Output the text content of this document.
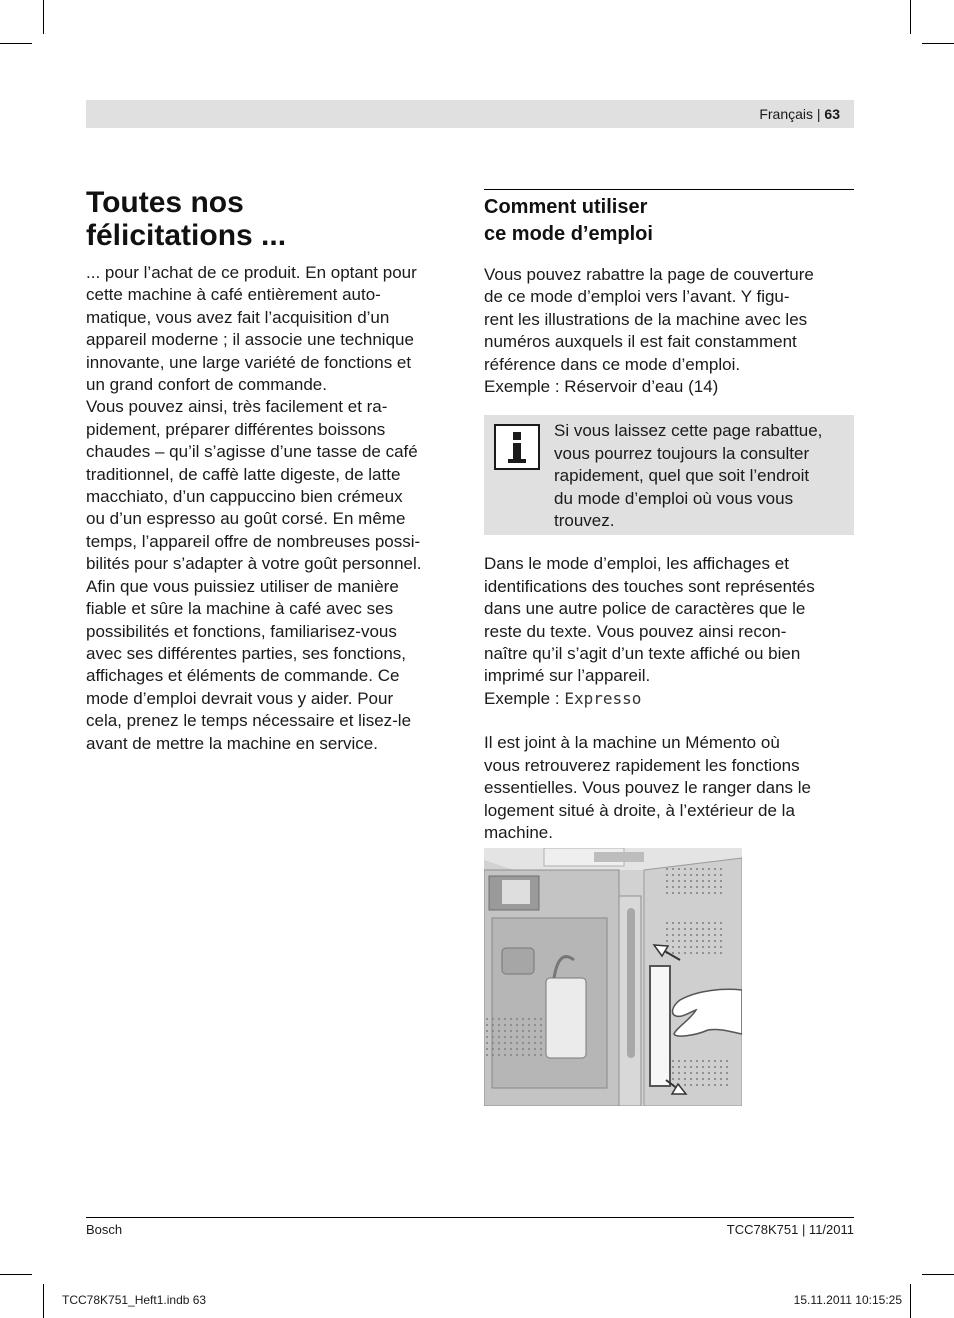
Français | 63
Toutes nos
félicitations ...

... pour l’achat de ce produit. En optant pour
cette machine à café entièrement auto-
matique, vous avez fait l’acquisition d’un
appareil moderne ; il associe une technique
innovante, une large variété de fonctions et
un grand confort de commande.
Vous pouvez ainsi, très facilement et ra-
pidement, préparer différentes boissons
chaudes – qu’il s’agisse d’une tasse de café
traditionnel, de caffè latte digeste, de latte
macchiato, d’un cappuccino bien crémeux
ou d’un espresso au goût corsé. En même
temps, l’appareil offre de nombreuses possi-
bilités pour s’adapter à votre goût personnel.
Afin que vous puissiez utiliser de manière
fiable et sûre la machine à café avec ses
possibilités et fonctions, familiarisez-vous
avec ses différentes parties, ses fonctions,
affichages et éléments de commande. Ce
mode d’emploi devrait vous y aider. Pour
cela, prenez le temps nécessaire et lisez-le
avant de mettre la machine en service.

Comment utiliser
ce mode d’emploi

Vous pouvez rabattre la page de couverture
de ce mode d’emploi vers l’avant. Y figu-
rent les illustrations de la machine avec les
numéros auxquels il est fait constamment
référence dans ce mode d’emploi.
Exemple : Réservoir d’eau (14)

Si vous laissez cette page rabattue,
vous pourrez toujours la consulter
rapidement, quel que soit l’endroit
du mode d’emploi où vous vous
trouvez.

Dans le mode d’emploi, les affichages et
identifications des touches sont représentés
dans une autre police de caractères que le
reste du texte. Vous pouvez ainsi recon-
naître qu’il s’agit d’un texte affiché ou bien
imprimé sur l’appareil.
Exemple : Expresso

Il est joint à la machine un Mémento où
vous retrouverez rapidement les fonctions
essentielles. Vous pouvez le ranger dans le
logement situé à droite, à l’extérieur de la
machine.

Bosch	TCC78K751 | 11/2011
TCC78K751_Heft1.indb 63	15.11.2011 10:15:25
